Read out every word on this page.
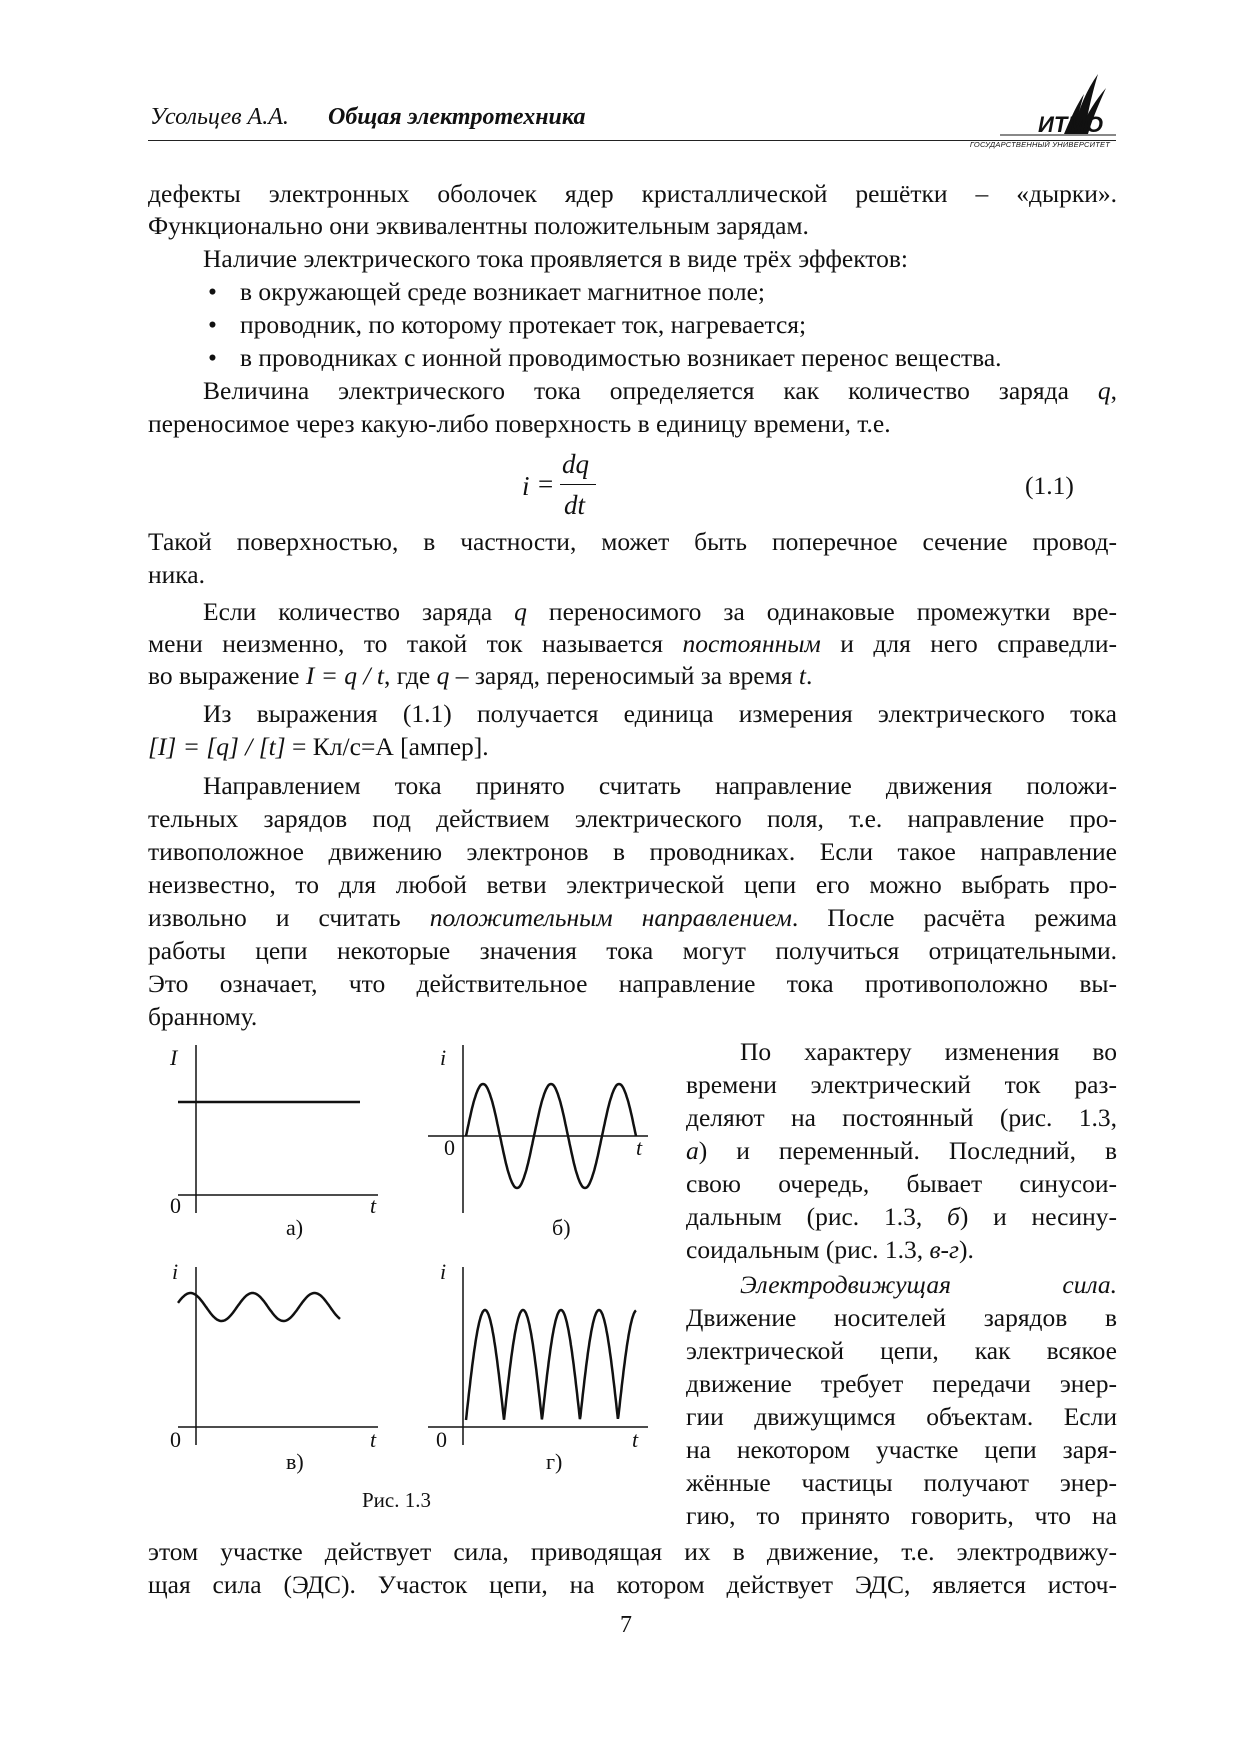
Усольцев А.А. Общая электротехника	ИТМО
ГОСУДАРСТВЕННЫЙ УНИВЕРСИТЕТ
дефекты электронных оболочек ядер кристаллической решётки – «дырки».
Функционально они эквивалентны положительным зарядам.
Наличие электрического тока проявляется в виде трёх эффектов:
• в окружающей среде возникает магнитное поле;
• проводник, по которому протекает ток, нагревается;
• в проводниках с ионной проводимостью возникает перенос вещества.
Величина электрического тока определяется как количество заряда q,
переносимое через какую-либо поверхность в единицу времени, т.е.
i =
dq
dt
(1.1)
Такой поверхностью, в частности, может быть поперечное сечение провод-
ника.
Если количество заряда q переносимого за одинаковые промежутки вре-
мени неизменно, то такой ток называется постоянным и для него справедли-
во выражение I = q / t, где q – заряд, переносимый за время t.
Из выражения (1.1) получается единица измерения электрического тока
[I] = [q] / [t] = Кл/с=А [ампер].
Направлением тока принято считать направление движения положи-
тельных зарядов под действием электрического поля, т.е. направление про-
тивоположное движению электронов в проводниках. Если такое направление
неизвестно, то для любой ветви электрической цепи его можно выбрать про-
извольно и считать положительным направлением. После расчёта режима
работы цепи некоторые значения тока могут получиться отрицательными.
Это означает, что действительное направление тока противоположно вы-
бранному.
По характеру изменения во
времени электрический ток раз-
деляют на постоянный (рис. 1.3,
а) и переменный. Последний, в
свою очередь, бывает синусои-
дальным (рис. 1.3, б) и несину-
соидальным (рис. 1.3, в-г).
Электродвижущая сила.
Движение носителей зарядов в
электрической цепи, как всякое
движение требует передачи энер-
гии движущимся объектам. Если
на некотором участке цепи заря-
жённые частицы получают энер-
гию, то принято говорить, что на
этом участке действует сила, приводящая их в движение, т.е. электродвижу-
щая сила (ЭДС). Участок цепи, на котором действует ЭДС, является источ-
I
0	t
а)
i
0	t
б)
i
0	t
в)
i
0	t
г)
Рис. 1.3
7
